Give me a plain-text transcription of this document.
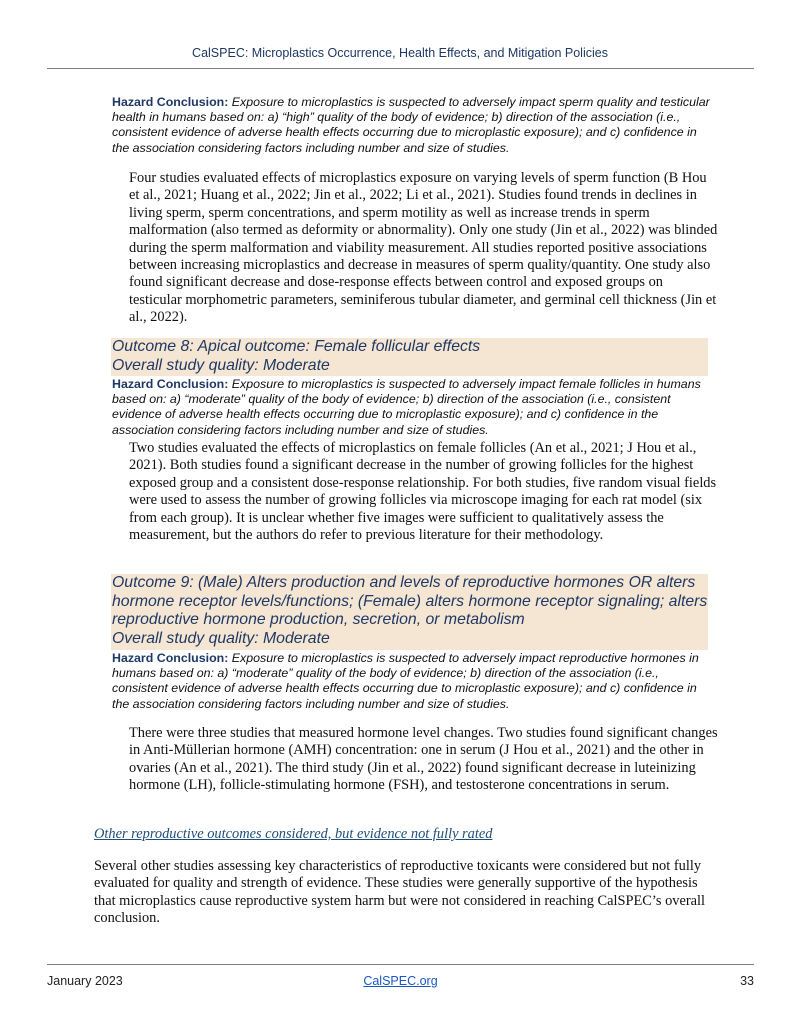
CalSPEC: Microplastics Occurrence, Health Effects, and Mitigation Policies
Hazard Conclusion: Exposure to microplastics is suspected to adversely impact sperm quality and testicular health in humans based on: a) “high” quality of the body of evidence; b) direction of the association (i.e., consistent evidence of adverse health effects occurring due to microplastic exposure); and c) confidence in the association considering factors including number and size of studies.
Four studies evaluated effects of microplastics exposure on varying levels of sperm function (B Hou et al., 2021; Huang et al., 2022; Jin et al., 2022; Li et al., 2021). Studies found trends in declines in living sperm, sperm concentrations, and sperm motility as well as increase trends in sperm malformation (also termed as deformity or abnormality). Only one study (Jin et al., 2022) was blinded during the sperm malformation and viability measurement. All studies reported positive associations between increasing microplastics and decrease in measures of sperm quality/quantity. One study also found significant decrease and dose-response effects between control and exposed groups on testicular morphometric parameters, seminiferous tubular diameter, and germinal cell thickness (Jin et al., 2022).
Outcome 8: Apical outcome: Female follicular effects
Overall study quality: Moderate
Hazard Conclusion: Exposure to microplastics is suspected to adversely impact female follicles in humans based on: a) “moderate” quality of the body of evidence; b) direction of the association (i.e., consistent evidence of adverse health effects occurring due to microplastic exposure); and c) confidence in the association considering factors including number and size of studies.
Two studies evaluated the effects of microplastics on female follicles (An et al., 2021; J Hou et al., 2021). Both studies found a significant decrease in the number of growing follicles for the highest exposed group and a consistent dose-response relationship. For both studies, five random visual fields were used to assess the number of growing follicles via microscope imaging for each rat model (six from each group). It is unclear whether five images were sufficient to qualitatively assess the measurement, but the authors do refer to previous literature for their methodology.
Outcome 9: (Male) Alters production and levels of reproductive hormones OR alters hormone receptor levels/functions; (Female) alters hormone receptor signaling; alters reproductive hormone production, secretion, or metabolism
Overall study quality: Moderate
Hazard Conclusion: Exposure to microplastics is suspected to adversely impact reproductive hormones in humans based on: a) “moderate” quality of the body of evidence; b) direction of the association (i.e., consistent evidence of adverse health effects occurring due to microplastic exposure); and c) confidence in the association considering factors including number and size of studies.
There were three studies that measured hormone level changes. Two studies found significant changes in Anti-Müllerian hormone (AMH) concentration: one in serum (J Hou et al., 2021) and the other in ovaries (An et al., 2021). The third study (Jin et al., 2022) found significant decrease in luteinizing hormone (LH), follicle-stimulating hormone (FSH), and testosterone concentrations in serum.
Other reproductive outcomes considered, but evidence not fully rated
Several other studies assessing key characteristics of reproductive toxicants were considered but not fully evaluated for quality and strength of evidence. These studies were generally supportive of the hypothesis that microplastics cause reproductive system harm but were not considered in reaching CalSPEC’s overall conclusion.
January 2023	CalSPEC.org	33
